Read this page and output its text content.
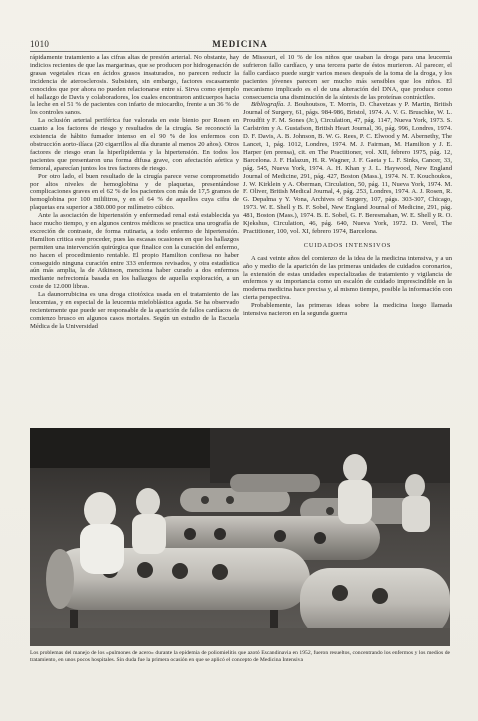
1010	MEDICINA

rápidamente tratamiento a las cifras altas de presión arterial. No obstante, hay indicios recientes de que las margarinas, que se producen por hidrogenación de grasas vegetales ricas en ácidos grasos insaturados, no parecen reducir la incidencia de aterosclerosis. Subsisten, sin embargo, factores escasamente conocidos que por ahora no pueden relacionarse entre sí. Sirva como ejemplo el hallazgo de Davis y colaboradores, los cuales encontraron anticuerpos hacia la leche en el 51 % de pacientes con infarto de miocardio, frente a un 36 % de los controles sanos.

La oclusión arterial periférica fue valorada en este bienio por Rosen en cuanto a los factores de riesgo y resultados de la cirugía. Se reconoció la existencia de hábito fumador intenso en el 90 % de los enfermos con obstrucción aorto-ilíaca (20 cigarrillos al día durante al menos 20 años). Otros factores de riesgo eran la hiperlipidemia y la hipertensión. En todos los pacientes que presentaron una forma difusa grave, con afectación aórtica y femoral, aparecían juntos los tres factores de riesgo.

Por otro lado, el buen resultado de la cirugía parece verse comprometido por altos niveles de hemoglobina y de plaquetas, presentándose complicaciones graves en el 62 % de los pacientes con más de 17,5 gramos de hemoglobina por 100 mililitros, y en el 64 % de aquellos cuya cifra de plaquetas era superior a 380.000 por milímetro cúbico.

Ante la asociación de hipertensión y enfermedad renal está establecida ya hace mucho tiempo, y en algunos centros médicos se practica una urografía de excreción de contraste, de forma rutinaria, a todo enfermo de hipertensión. Hamilton critica este proceder, pues las escasas ocasiones en que los hallazgos permiten una intervención quirúrgica que finalice con la curación del enfermo, no hacen el procedimiento rentable. El propio Hamilton confiesa no haber conseguido ninguna curación entre 333 enfermos revisados, y otra estadística aún más amplia, la de Atkinson, menciona haber curado a dos enfermos mediante nefrectomía basada en los hallazgos de aquella exploración, a un coste de 12.000 libras.

La daunorrubicina es una droga citotóxica usada en el tratamiento de las leucemias, y en especial de la leucemia mieloblástica aguda. Se ha observado recientemente que puede ser responsable de la aparición de fallos cardíacos de comienzo brusco en algunos casos mortales. Según un estudio de la Escuela Médica de la Universidad

de Missouri, el 10 % de los niños que usaban la droga para una leucemia sufrieron fallo cardíaco, y una tercera parte de éstos murieron. Al parecer, el fallo cardíaco puede surgir varios meses después de la toma de la droga, y los pacientes jóvenes parecen ser mucho más sensibles que los niños. El mecanismo implicado es el de una alteración del DNA, que produce como consecuencia una disminución de la síntesis de las proteínas contráctiles.

Bibliografía. J. Bouhoutsos, T. Morris, D. Chavetzas y P. Martin, British Journal of Surgery, 61, págs. 984-986, Bristol, 1974. A. V. G. Bruschke, W. L. Proudfit y F. M. Sones (Jr.), Circulation, 47, pág. 1147, Nueva York, 1973. S. Carlström y A. Gustafson, British Heart Journal, 36, pág. 996, Londres, 1974. D. F. Davis, A. B. Johnson, B. W. G. Rees, P. C. Elwood y M. Abernethy, The Lancet, 1, pág. 1012, Londres, 1974. M. J. Fairman, M. Hamilton y J. E. Harper (en prensa), cit. en The Practitioner, vol. XII, febrero 1975, pág. 12, Barcelona. J. F. Halazun, H. R. Wagner, J. F. Gaeta y L. F. Sinks, Cancer, 33, pág. 545, Nueva York, 1974. A. H. Khan y J. L. Haywood, New England Journal of Medicine, 291, pág. 427, Boston (Mass.), 1974. N. T. Kouchoukos, J. W. Kirklein y A. Oberman, Circulation, 50, pág. 11, Nueva York, 1974. M. F. Oliver, British Medical Journal, 4, pág. 253, Londres, 1974. A. J. Rosen, R. G. Depalma y Y. Vona, Archives of Surgery, 107, págs. 303-307, Chicago, 1973. W. E. Shell y B. F. Sobel, New England Journal of Medicine, 291, pág. 481, Boston (Mass.), 1974. B. E. Sobel, G. F. Beresmahan, W. E. Shell y R. O. Kjekshus, Circulation, 46, pág. 640, Nueva York, 1972. D. Verel, The Practitioner, 100, vol. XI, febrero 1974, Barcelona.

CUIDADOS INTENSIVOS

A casi veinte años del comienzo de la idea de la medicina intensiva, y a un año y medio de la aparición de las primeras unidades de cuidados coronarios, la extensión de estas unidades especializadas de tratamiento y vigilancia de enfermos y su importancia como un escalón de cuidado imprescindible en la moderna medicina hace precisa y, al mismo tiempo, posible la información con cierta perspectiva.

Probablemente, las primeras ideas sobre la medicina luego llamada intensiva nacieron en la segunda guerra

Los problemas del manejo de los «pulmones de acero» durante la epidemia de poliomielitis que azotó Escandinavia en 1952, fueron resueltos, concentrando los enfermos y los medios de tratamiento, en unos pocos hospitales. Sin duda fue la primera ocasión en que se aplicó el concepto de Medicina Intensiva
